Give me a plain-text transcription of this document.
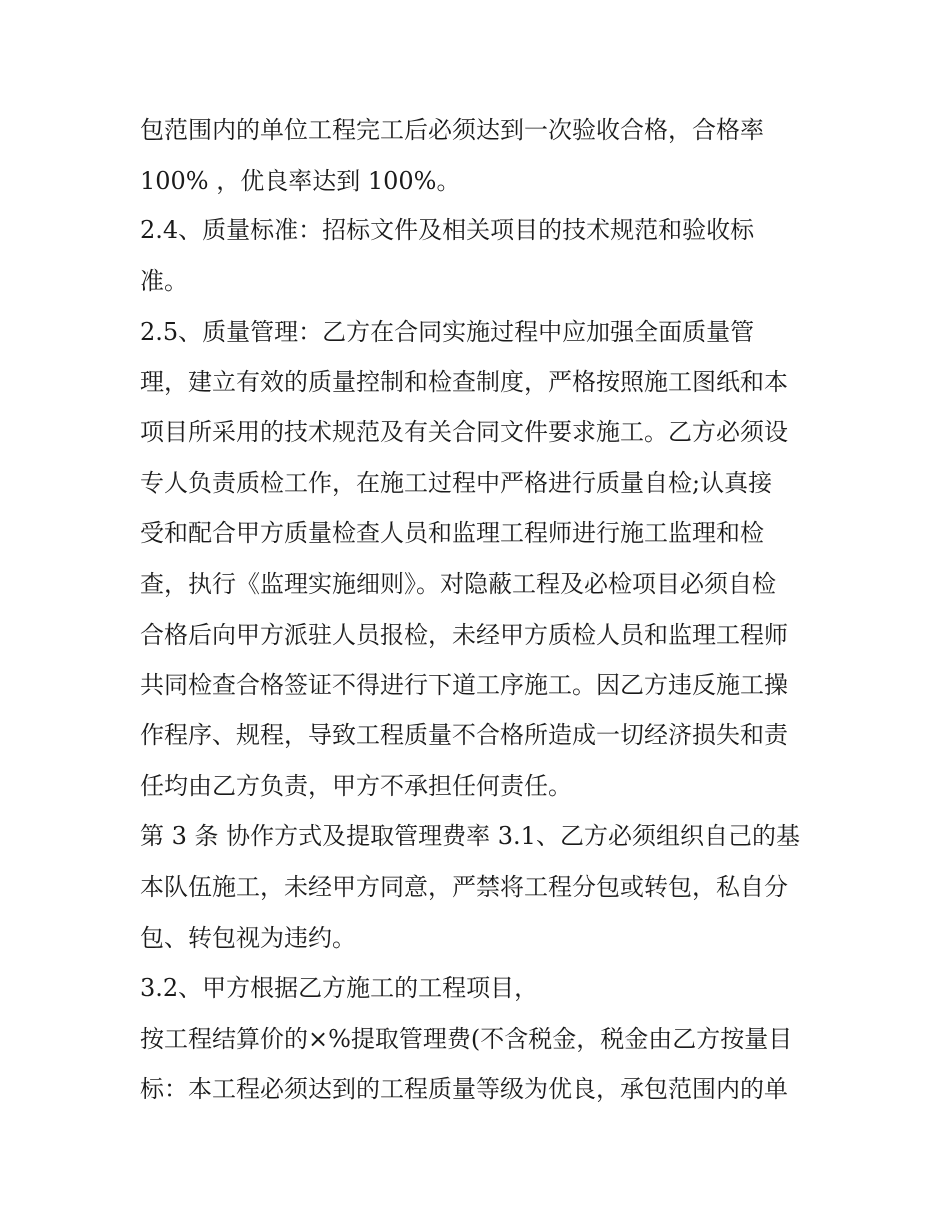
包范围内的单位工程完工后必须达到一次验收合格，合格率
100% ，优良率达到 100%。
2.4、质量标准：招标文件及相关项目的技术规范和验收标
准。
2.5、质量管理：乙方在合同实施过程中应加强全面质量管
理，建立有效的质量控制和检查制度，严格按照施工图纸和本
项目所采用的技术规范及有关合同文件要求施工。乙方必须设
专人负责质检工作，在施工过程中严格进行质量自检;认真接
受和配合甲方质量检查人员和监理工程师进行施工监理和检
查，执行《监理实施细则》。对隐蔽工程及必检项目必须自检
合格后向甲方派驻人员报检，未经甲方质检人员和监理工程师
共同检查合格签证不得进行下道工序施工。因乙方违反施工操
作程序、规程，导致工程质量不合格所造成一切经济损失和责
任均由乙方负责，甲方不承担任何责任。
第 3 条 协作方式及提取管理费率 3.1、乙方必须组织自己的基
本队伍施工，未经甲方同意，严禁将工程分包或转包，私自分
包、转包视为违约。
3.2、甲方根据乙方施工的工程项目，
按工程结算价的×%提取管理费(不含税金，税金由乙方按量目
标：本工程必须达到的工程质量等级为优良，承包范围内的单
